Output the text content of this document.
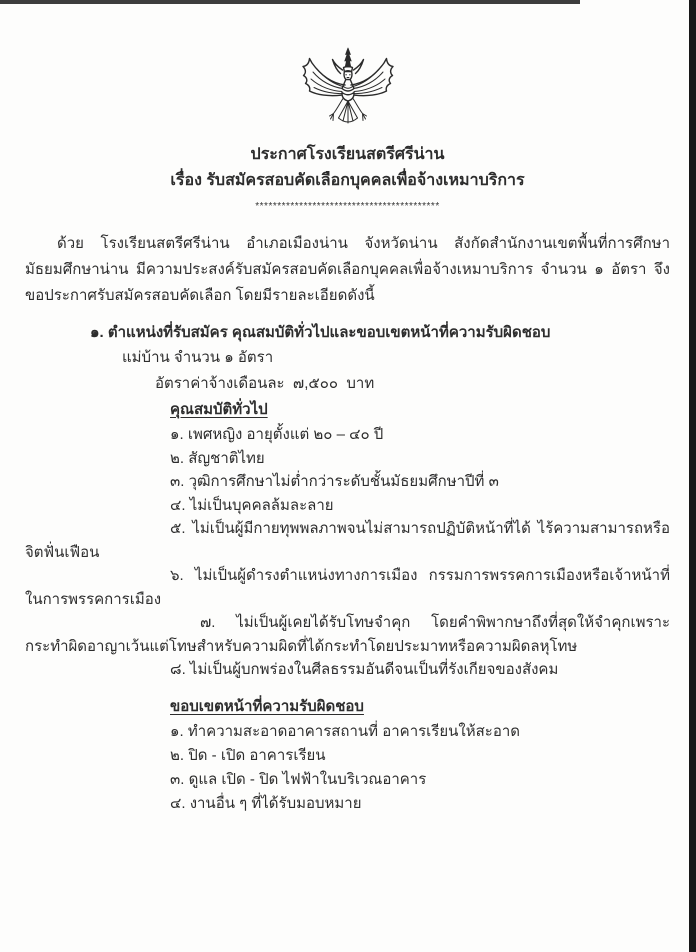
ประกาศโรงเรียนสตรีศรีน่าน
เรื่อง รับสมัครสอบคัดเลือกบุคคลเพื่อจ้างเหมาบริการ
******************************************
ด้วย โรงเรียนสตรีศรีน่าน อำเภอเมืองน่าน จังหวัดน่าน สังกัดสำนักงานเขตพื้นที่การศึกษามัธยมศึกษาน่าน มีความประสงค์รับสมัครสอบคัดเลือกบุคคลเพื่อจ้างเหมาบริการ จำนวน ๑ อัตรา จึงขอประกาศรับสมัครสอบคัดเลือก โดยมีรายละเอียดดังนี้
๑. ตำแหน่งที่รับสมัคร คุณสมบัติทั่วไปและขอบเขตหน้าที่ความรับผิดชอบ
แม่บ้าน จำนวน ๑ อัตรา
อัตราค่าจ้างเดือนละ  ๗,๕๐๐  บาท
คุณสมบัติทั่วไป
๑. เพศหญิง อายุตั้งแต่ ๒๐ – ๔๐ ปี
๒. สัญชาติไทย
๓. วุฒิการศึกษาไม่ต่ำกว่าระดับชั้นมัธยมศึกษาปีที่ ๓
๔. ไม่เป็นบุคคลล้มละลาย
๕. ไม่เป็นผู้มีกายทุพพลภาพจนไม่สามารถปฏิบัติหน้าที่ได้ ไร้ความสามารถหรือจิตฟั่นเฟือน
๖. ไม่เป็นผู้ดำรงตำแหน่งทางการเมือง กรรมการพรรคการเมือง​หรือ​เจ้าหน้าที่ในการพรรค​การเมือง
๗. ไม่เป็นผู้เคยได้รับโทษจำคุก โดยคำพิพากษาถึงที่สุดให้จำคุกเพราะกระทำผิดอาญา​เว้นแต่​โทษสำหรับความผิดที่ได้กระทำโดยประมาท​หรือความผิดลหุโทษ
๘. ไม่เป็นผู้บกพร่องในศีลธรรมอันดีจนเป็นที่รังเกียจของสังคม
ขอบเขตหน้าที่ความรับผิดชอบ
๑. ทำความสะอาดอาคารสถานที่ อาคารเรียนให้สะอาด
๒. ปิด - เปิด อาคารเรียน
๓. ดูแล เปิด - ปิด ไฟฟ้าในบริเวณอาคาร
๔. งานอื่น ๆ ที่ได้รับมอบหมาย
